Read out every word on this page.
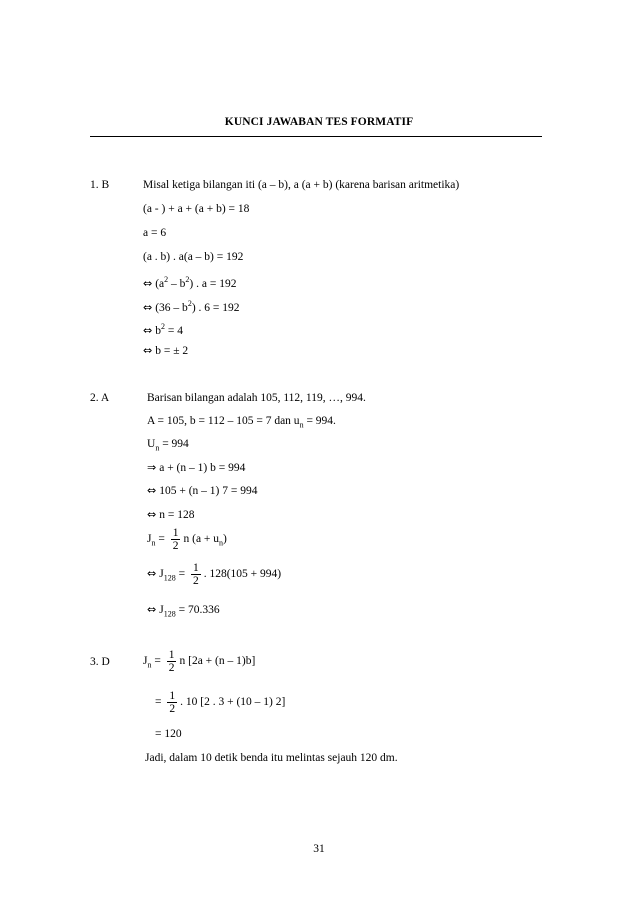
KUNCI JAWABAN TES FORMATIF
1. B	Misal ketiga bilangan iti (a – b), a (a + b) (karena barisan aritmetika)
(a - ) + a + (a + b) = 18
a = 6
(a . b) . a(a – b) = 192
⇔ $(a^2 - b^2)$ . a = 192
⇔ $(36 - b^2)$ . 6 = 192
⇔ $b^2 = 4$
⇔ b = ± 2
2. A	Barisan bilangan adalah 105, 112, 119, …, 994.
A = 105, b = 112 – 105 = 7 dan $u_n = 994$.
$U_n = 994$
⇒ a + (n – 1) b = 994
⇔ 105 + (n – 1) 7 = 994
⇔ n = 128
$J_n = \frac{1}{2}$ n $(a + u_n)$
⇔ $J_{128} = \frac{1}{2}$ . 128(105 + 994)
⇔ $J_{128} = 70.336$
3. D	$J_n = \frac{1}{2}$ n [2a + (n – 1)b]
= $\frac{1}{2}$ . 10 [2 . 3 + (10 – 1) 2]
= 120
Jadi, dalam 10 detik benda itu melintas sejauh 120 dm.
31
